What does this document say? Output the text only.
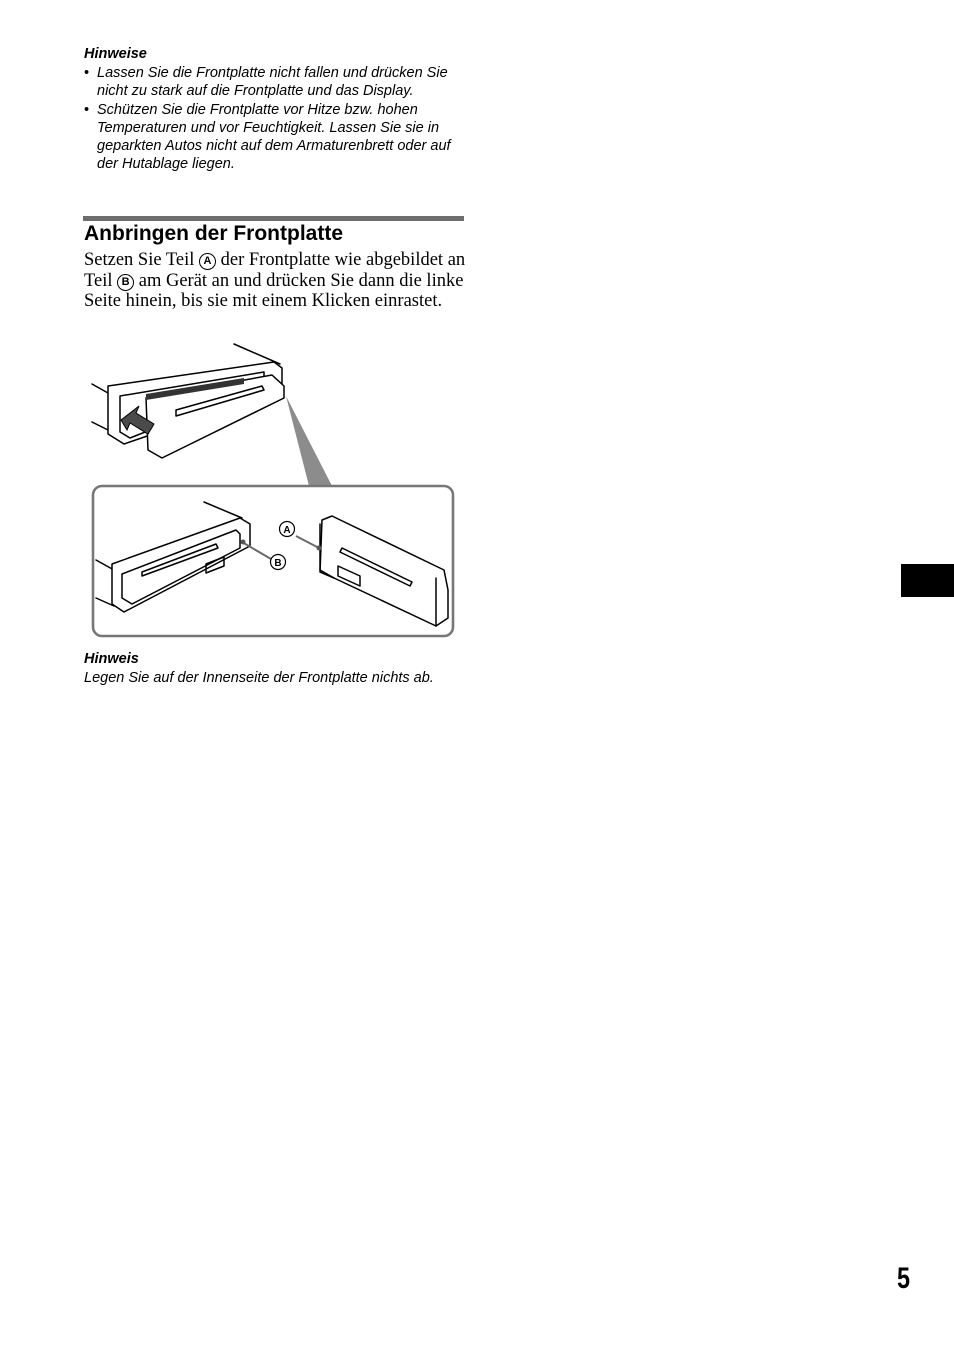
Hinweise
• Lassen Sie die Frontplatte nicht fallen und drücken Sie nicht zu stark auf die Frontplatte und das Display.
• Schützen Sie die Frontplatte vor Hitze bzw. hohen Temperaturen und vor Feuchtigkeit. Lassen Sie sie in geparkten Autos nicht auf dem Armaturenbrett oder auf der Hutablage liegen.
Anbringen der Frontplatte

Setzen Sie Teil A der Frontplatte wie abgebildet an Teil B am Gerät an und drücken Sie dann die linke Seite hinein, bis sie mit einem Klicken einrastet.

A
B
Hinweis
Legen Sie auf der Innenseite der Frontplatte nichts ab.
5
